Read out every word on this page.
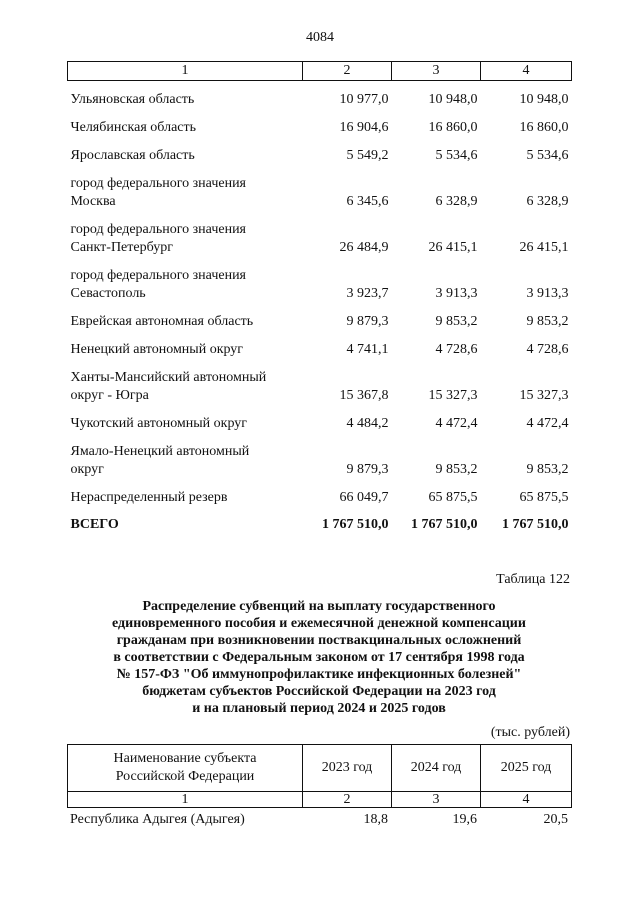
4084
1	2	3	4
Ульяновская область	10 977,0	10 948,0	10 948,0
Челябинская область	16 904,6	16 860,0	16 860,0
Ярославская область	5 549,2	5 534,6	5 534,6
город федерального значения
Москва	6 345,6	6 328,9	6 328,9
город федерального значения
Санкт-Петербург	26 484,9	26 415,1	26 415,1
город федерального значения
Севастополь	3 923,7	3 913,3	3 913,3
Еврейская автономная область	9 879,3	9 853,2	9 853,2
Ненецкий автономный округ	4 741,1	4 728,6	4 728,6
Ханты-Мансийский автономный
округ - Югра	15 367,8	15 327,3	15 327,3
Чукотский автономный округ	4 484,2	4 472,4	4 472,4
Ямало-Ненецкий автономный
округ	9 879,3	9 853,2	9 853,2
Нераспределенный резерв	66 049,7	65 875,5	65 875,5
ВСЕГО	1 767 510,0	1 767 510,0	1 767 510,0
Таблица 122
Распределение субвенций на выплату государственного
единовременного пособия и ежемесячной денежной компенсации
гражданам при возникновении поствакцинальных осложнений
в соответствии с Федеральным законом от 17 сентября 1998 года
№ 157-ФЗ "Об иммунопрофилактике инфекционных болезней"
бюджетам субъектов Российской Федерации на 2023 год
и на плановый период 2024 и 2025 годов
(тыс. рублей)
Наименование субъекта
Российской Федерации	2023 год	2024 год	2025 год
1	2	3	4
Республика Адыгея (Адыгея)	18,8	19,6	20,5
